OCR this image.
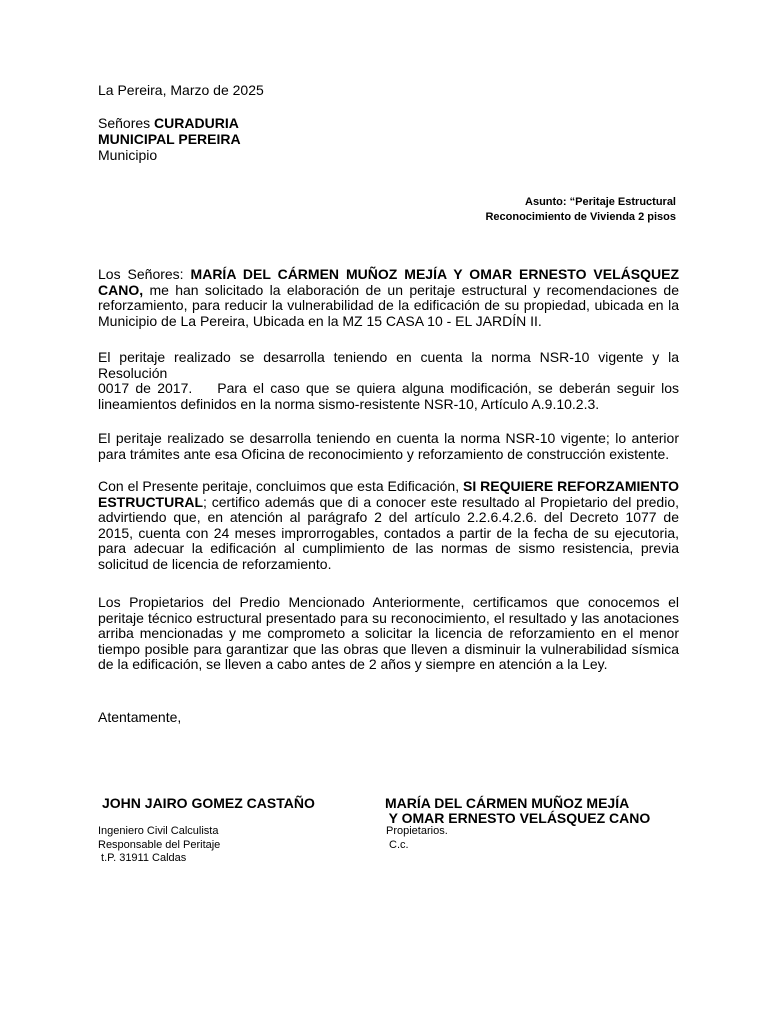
La Pereira, Marzo de 2025
Señores CURADURIA
MUNICIPAL PEREIRA
Municipio
Asunto: “Peritaje Estructural
Reconocimiento de Vivienda 2 pisos
Los Señores: MARÍA DEL CÁRMEN MUÑOZ MEJÍA Y OMAR ERNESTO VELÁSQUEZ CANO, me han solicitado la elaboración de un peritaje estructural y recomendaciones de reforzamiento, para reducir la vulnerabilidad de la edificación de su propiedad, ubicada en la Municipio de La Pereira, Ubicada en la MZ 15 CASA 10 - EL JARDÍN II.
El peritaje realizado se desarrolla teniendo en cuenta la norma NSR-10 vigente y la Resolución
0017 de 2017.    Para el caso que se quiera alguna modificación, se deberán seguir los lineamientos definidos en la norma sismo-resistente NSR-10, Artículo A.9.10.2.3.
El peritaje realizado se desarrolla teniendo en cuenta la norma NSR-10 vigente; lo anterior para trámites ante esa Oficina de reconocimiento y reforzamiento de construcción existente.
Con el Presente peritaje, concluimos que esta Edificación, SI REQUIERE REFORZAMIENTO ESTRUCTURAL; certifico además que di a conocer este resultado al Propietario del predio, advirtiendo que, en atención al parágrafo 2 del artículo 2.2.6.4.2.6. del Decreto 1077 de 2015, cuenta con 24 meses improrrogables, contados a partir de la fecha de su ejecutoria, para adecuar la edificación al cumplimiento de las normas de sismo resistencia, previa solicitud de licencia de reforzamiento.
Los Propietarios del Predio Mencionado Anteriormente, certificamos que conocemos el peritaje técnico estructural presentado para su reconocimiento, el resultado y las anotaciones arriba mencionadas y me comprometo a solicitar la licencia de reforzamiento en el menor tiempo posible para garantizar que las obras que lleven a disminuir la vulnerabilidad sísmica de la edificación, se lleven a cabo antes de 2 años y siempre en atención a la Ley.
Atentamente,
JOHN JAIRO GOMEZ CASTAÑO
Ingeniero Civil Calculista
Responsable del Peritaje
t.P. 31911 Caldas
MARÍA DEL CÁRMEN MUÑOZ MEJÍA
Y OMAR ERNESTO VELÁSQUEZ CANO
Propietarios.
C.c.
